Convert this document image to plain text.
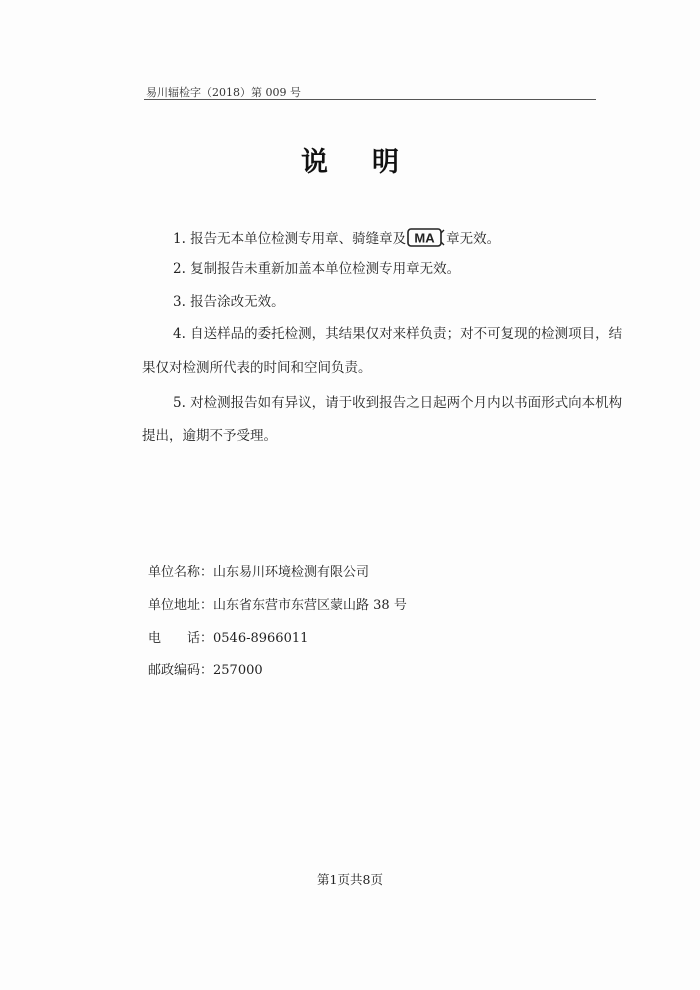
易川辐检字（2018）第 009 号
说明
1. 报告无本单位检测专用章、骑缝章及 MA 章无效。
2. 复制报告未重新加盖本单位检测专用章无效。
3. 报告涂改无效。
4. 自送样品的委托检测，其结果仅对来样负责；对不可复现的检测项目，结
果仅对检测所代表的时间和空间负责。
5. 对检测报告如有异议，请于收到报告之日起两个月内以书面形式向本机构
提出，逾期不予受理。
单位名称：山东易川环境检测有限公司
单位地址：山东省东营市东营区蒙山路 38 号
电　　话：0546-8966011
邮政编码：257000
第1页共8页
